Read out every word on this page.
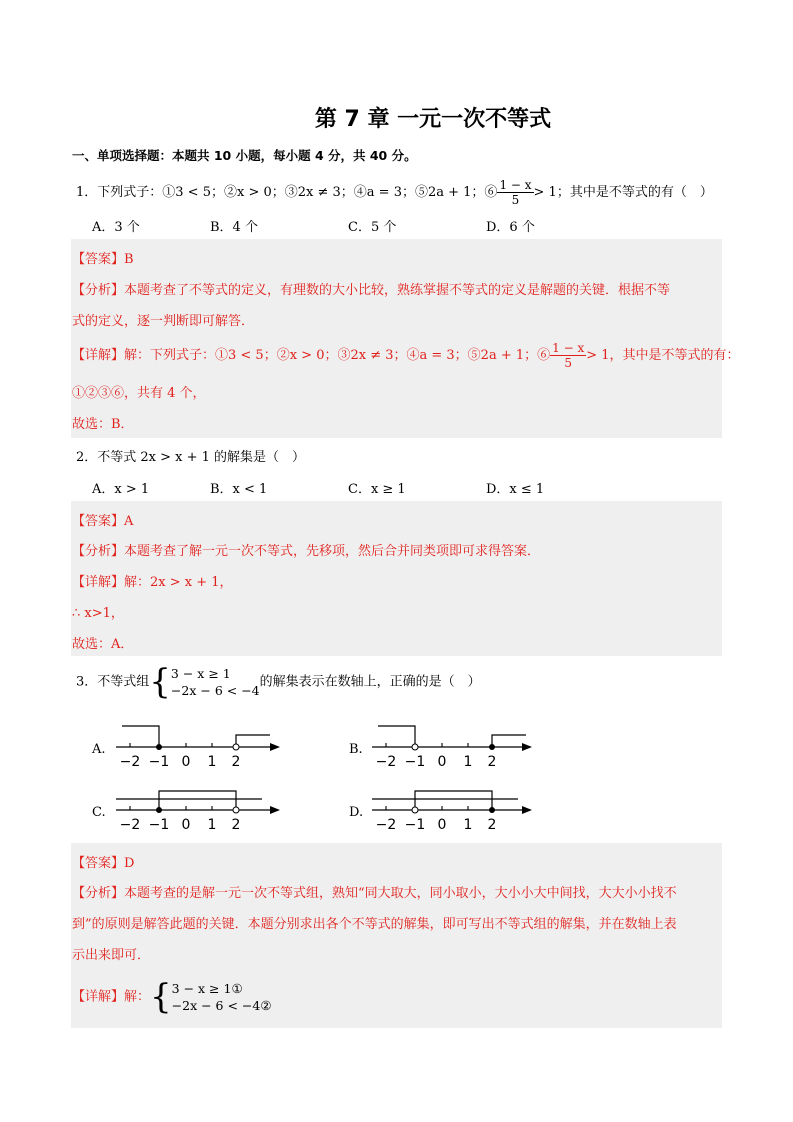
第 7 章 一元一次不等式
一、单项选择题：本题共 10 小题，每小题 4 分，共 40 分。
1．下列式子：①3 < 5；②x > 0；③2x ≠ 3；④a = 3；⑤2a + 1；⑥ $\frac{1 - x}{5} > 1$；其中是不等式的有（　）
A．3 个	B．4 个	C．5 个	D．6 个
【答案】B
【分析】本题考查了不等式的定义，有理数的大小比较，熟练掌握不等式的定义是解题的关键．根据不等
式的定义，逐一判断即可解答．
【详解】解：下列式子：①3 < 5；②x > 0；③2x ≠ 3；④a = 3；⑤2a + 1；⑥ $\frac{1 - x}{5} > 1$，其中是不等式的有：
①②③⑥，共有 4 个，
故选：B．
2．不等式 2x > x + 1 的解集是（　）
A．x > 1	B．x < 1	C．x ≥ 1	D．x ≤ 1
【答案】A
【分析】本题考查了解一元一次不等式，先移项，然后合并同类项即可求得答案．
【详解】解：2x > x + 1，
∴ x>1，
故选：A．
3．不等式组{ 3 − x ≥ 1
−2x − 6 < −4
的解集表示在数轴上，正确的是（　）
A.	B.
C.	D.
−2 −1 0 1 2	−2 −1 0 1 2
−2 −1 0 1 2	−2 −1 0 1 2
【答案】D
【分析】本题考查的是解一元一次不等式组，熟知“同大取大，同小取小，大小小大中间找，大大小小找不
到”的原则是解答此题的关键．本题分别求出各个不等式的解集，即可写出不等式组的解集，并在数轴上表
示出来即可．
【详解】解：{ 3 − x ≥ 1①
−2x − 6 < −4②
